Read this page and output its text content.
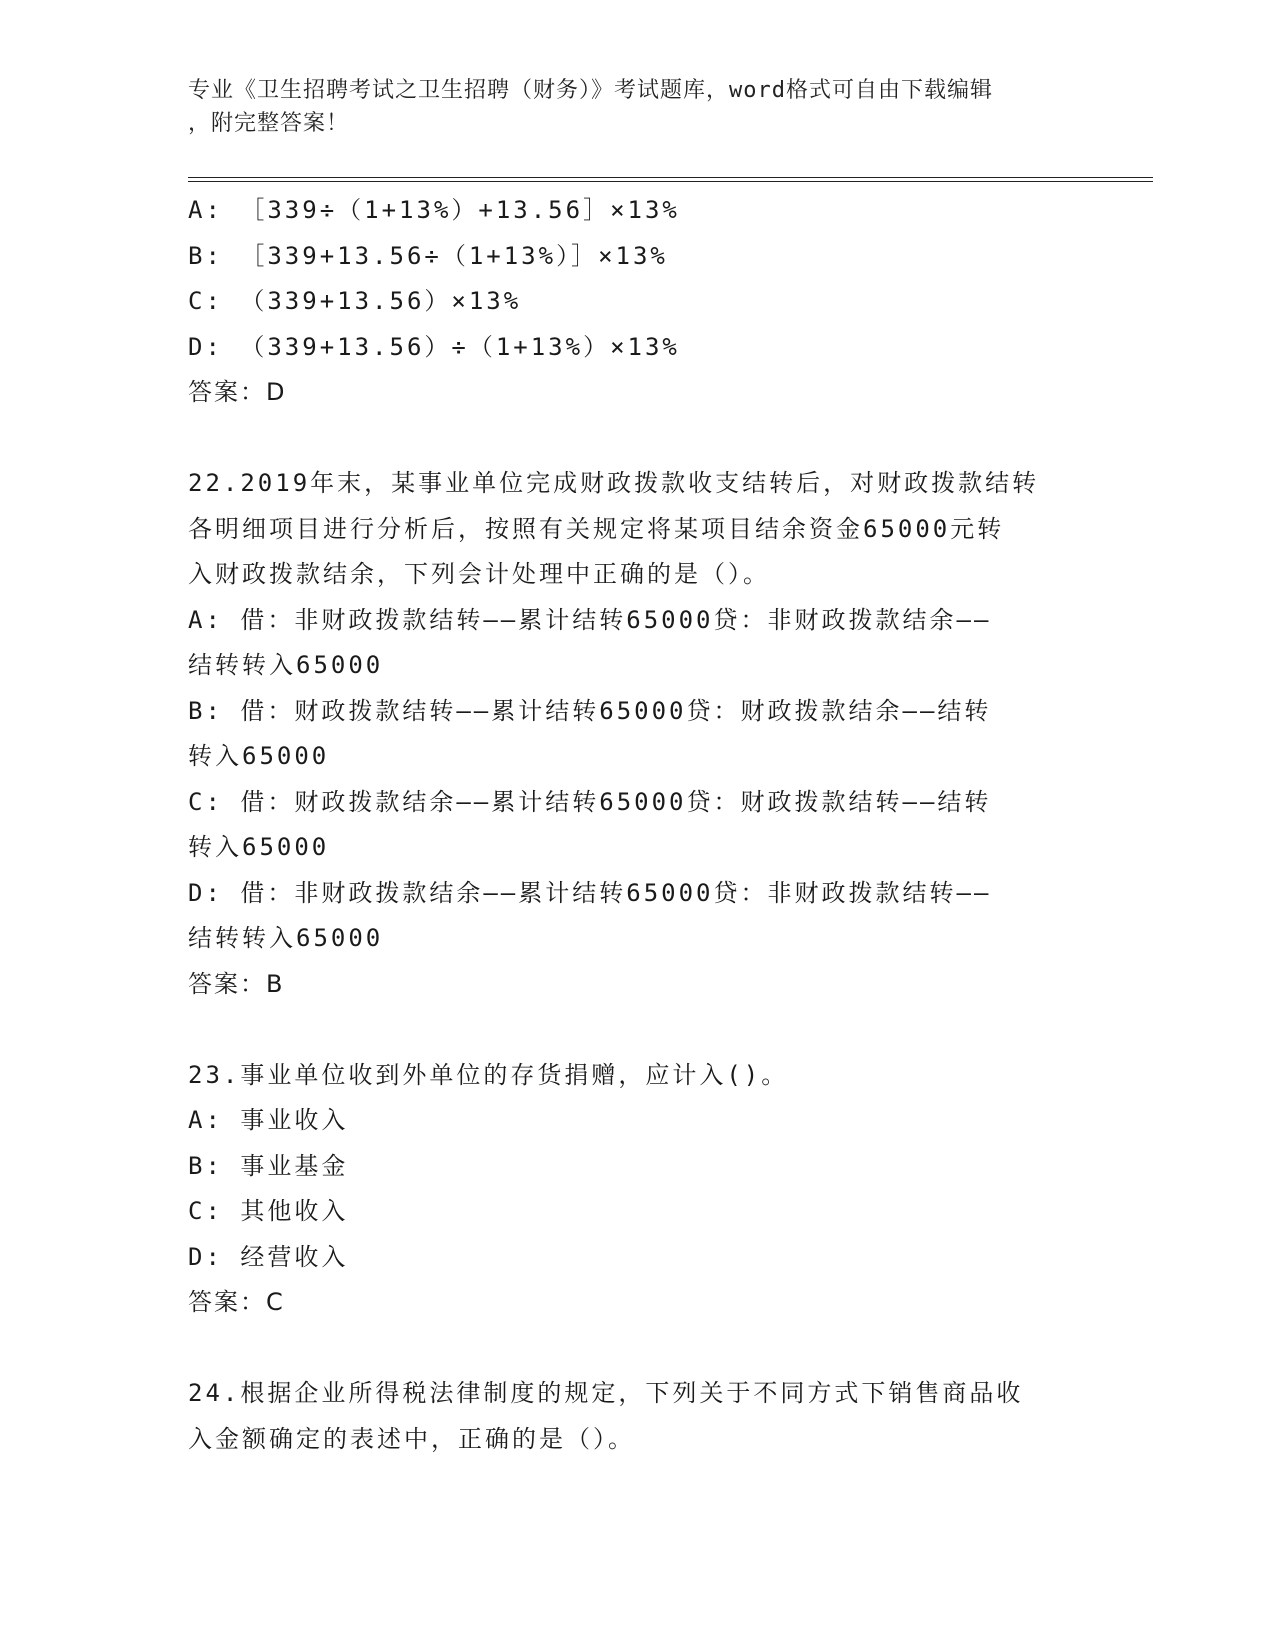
专业《卫生招聘考试之卫生招聘（财务）》考试题库，word格式可自由下载编辑
，附完整答案！
A: ［339÷（1+13%）+13.56］×13%
B: ［339+13.56÷（1+13%）］×13%
C: （339+13.56）×13%
D: （339+13.56）÷（1+13%）×13%
答案：D
22.2019年末，某事业单位完成财政拨款收支结转后，对财政拨款结转
各明细项目进行分析后，按照有关规定将某项目结余资金65000元转
入财政拨款结余，下列会计处理中正确的是（）。
A: 借：非财政拨款结转——累计结转65000贷：非财政拨款结余——
结转转入65000
B: 借：财政拨款结转——累计结转65000贷：财政拨款结余——结转
转入65000
C: 借：财政拨款结余——累计结转65000贷：财政拨款结转——结转
转入65000
D: 借：非财政拨款结余——累计结转65000贷：非财政拨款结转——
结转转入65000
答案：B
23.事业单位收到外单位的存货捐赠，应计入()。
A: 事业收入
B: 事业基金
C: 其他收入
D: 经营收入
答案：C
24.根据企业所得税法律制度的规定，下列关于不同方式下销售商品收
入金额确定的表述中，正确的是（）。
